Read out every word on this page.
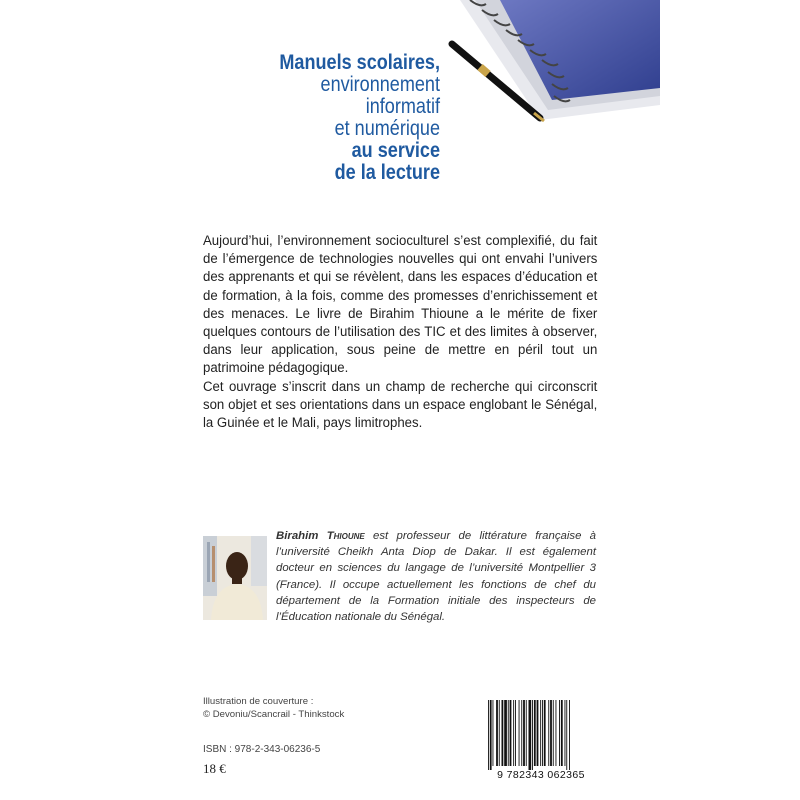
Manuels scolaires,
environnement
informatif
et numérique
au service
de la lecture

Aujourd’hui, l’environnement socioculturel s’est complexifié, du fait de l’émergence de technologies nouvelles qui ont envahi l’univers des apprenants et qui se révèlent, dans les espaces d’éducation et de formation, à la fois, comme des promesses d’enrichissement et des menaces. Le livre de Birahim Thioune a le mérite de fixer quelques contours de l’utilisation des TIC et des limites à observer, dans leur application, sous peine de mettre en péril tout un patrimoine pédagogique.

Cet ouvrage s’inscrit dans un champ de recherche qui circonscrit son objet et ses orientations dans un espace englobant le Sénégal, la Guinée et le Mali, pays limitrophes.

Birahim Thioune est professeur de littérature française à l’université Cheikh Anta Diop de Dakar. Il est également docteur en sciences du langage de l’université Montpellier 3 (France). Il occupe actuellement les fonctions de chef du département de la Formation initiale des inspecteurs de l’Éducation nationale du Sénégal.
Illustration de couverture :
© Devoniu/Scancrail - Thinkstock
ISBN : 978-2-343-06236-5
18 €	9 782343 062365
